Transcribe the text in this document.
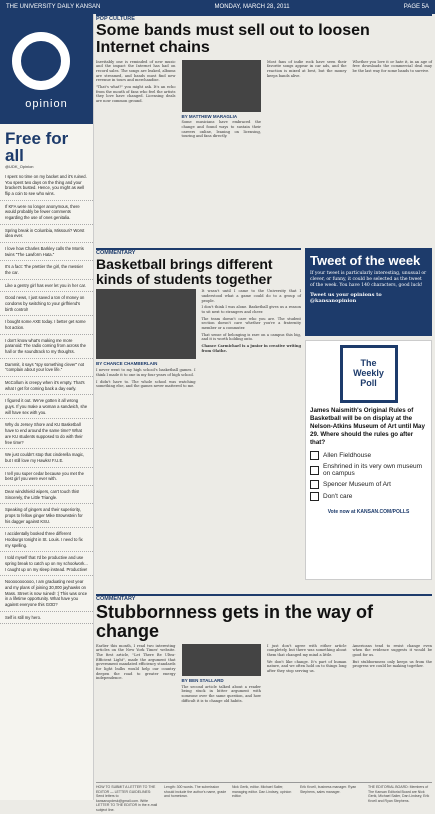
THE UNIVERSITY DAILY KANSAN	MONDAY, MARCH 28, 2011	PAGE 5A
opinion
Free for all
@UDK_Opinion

I spent no time on my backet and it's ruined. You spent two days on the thing and your bracket's busted. Hence, you might as well flip a coin to see who wins.

If KFA were no longer anonymous, there would probably be fewer comments regarding the use of ones genitalia.

Spring break in Columbia, Missouri? Worst idea ever.

I love how Charles Barkley calls the Morris twins "The Lawform Hata."

It's a fact: The prettier the girl, the messier the car.

Like a gentry girl has ever let you in her car.

Good news, I just saved a ton of money on condoms by switching to your girlfriend's birth control!

I bought some AXE today. I better get some hot action.

I don't know what's making me more paranoid: The radio coming from across the hall or the soundtrack to my thoughts.

Dammit, it says "spy something clever" not "complain about your love life."

McCollum is creepy when it's empty. That's what I get for coming back a day early.

I figured it out. We've gotten it all wrong guys. If you make a woman a sandwich, she will have sex with you.

Why do Jersey Shore and KU Basketball have to end around the same time? What are KU students supposed to do with their free time?

We just couldn't stop that cinderella magic, but I still love my Hawks! F.U.E.

I tell you super cedar because you met the best girl you were ever with.

Dear windshield wipers, can't touch this! Sincerely, the Little Triangle.

Speaking of gingers and their superiority, props to fellow ginger Mike Brownstein for his dagger against KSU.

I accidentally booked three different Hooburgs tonight in St. Louis. I need to fix my spelling.

I told myself that I'd be productive and use spring break to catch up on my schoolwork... I caught up on my sleep instead. Productive!

Nooooooooooo, I am graduating next year and my plans of joining 30,000 jayhawks on Mass. Street is now ruined! :( This was once in a lifetime opportunity. What have you against everyone this GOD?

Self is still my hero.

POP CULTURE

Some bands must sell out to loosen Internet chains

Inevitably one is reminded of new music and the impact the Internet has had on record sales. The songs are leaked, albums are streamed, and bands must find new revenue in tours and merchandise.

"That's what?" you might ask. It's an echo from the mouth of fans who feel the artists they love have changed. Licensing deals are now common ground.

BY MATTHEW MARAGLIA

Some musicians have embraced the change and found ways to sustain their careers online, leaning on licensing, touring and fans directly.

Most fans of indie rock have seen their favorite songs appear in car ads, and the reaction is mixed at best, but the money keeps bands alive.

Whether you love it or hate it, in an age of free downloads the commercial deal may be the last way for some bands to survive.

COMMENTARY

Basketball brings different kinds of students together
BY CHANCE CHAMBERLAIN

I never went to my high school's basketball games. I think I made it to one in my four years of high school.

I didn't have to. The whole school was watching something else, and the games never mattered to me.

It wasn't until I came to the University that I understood what a game could do to a group of people.

I don't think I was alone. Basketball gives us a reason to sit next to strangers and cheer.

The team doesn't care who you are. The student section doesn't care whether you're a fraternity member or a commuter.

That sense of belonging is rare on a campus this big, and it is worth holding onto.

Chance Carmichael is a junior in creative writing from Olathe.

Tweet of the week

If your tweet is particularly interesting, unusual or clever, or funny, it could be selected as the tweet of the week. You have 140 characters, good luck!

Tweet us your opinions to @kansanopinion

The
Weekly
Poll
James Naismith's Original Rules of Basketball will be on display at the Nelson-Atkins Museum of Art until May 29. Where should the rules go after that?
Allen Fieldhouse
Enshrined in its very own museum on campus
Spencer Museum of Art
Don't care
Vote now at KANSAN.COM/POLLS

COMMENTARY

Stubbornness gets in the way of change

Earlier this month, I read two interesting articles on the New York Times' website. The first article, "Let There Be Ultra-Efficient Light", made the argument that government mandated efficiency standards for light bulbs would help our country deepen the road to greater energy independence.	BY BEN STALLARD

The second article talked about a reader being stuck in bitter argument with someone over the same question, and how difficult it is to change old habits.

I just don't agree with either article completely, but there was something about them that changed my mind a little.

We don't like change. It's part of human nature, and we often hold on to things long after they stop serving us.

Americans tend to resist change even when the evidence suggests it would be good for us.

But stubbornness only keeps us from the progress we could be making together.

HOW TO SUBMIT A LETTER TO THE EDITOR — LETTER GUIDELINES: Send letters to kansanopdesk@gmail.com. Write LETTER TO THE EDITOR in the e-mail subject line.
Length: 300 words. The submission should include the author's name, grade and hometown.
Nick Gerik, editor. Michael Salier, managing editor. Dan Lindsey, opinion editor.
Erik Krcell, business manager. Ryan Stephens, sales manager.
THE EDITORIAL BOARD: Members of The Kansan Editorial Board are Nick Gerik, Michael Salier, Dan Lindsey, Erik Krcell and Ryan Stephens.
